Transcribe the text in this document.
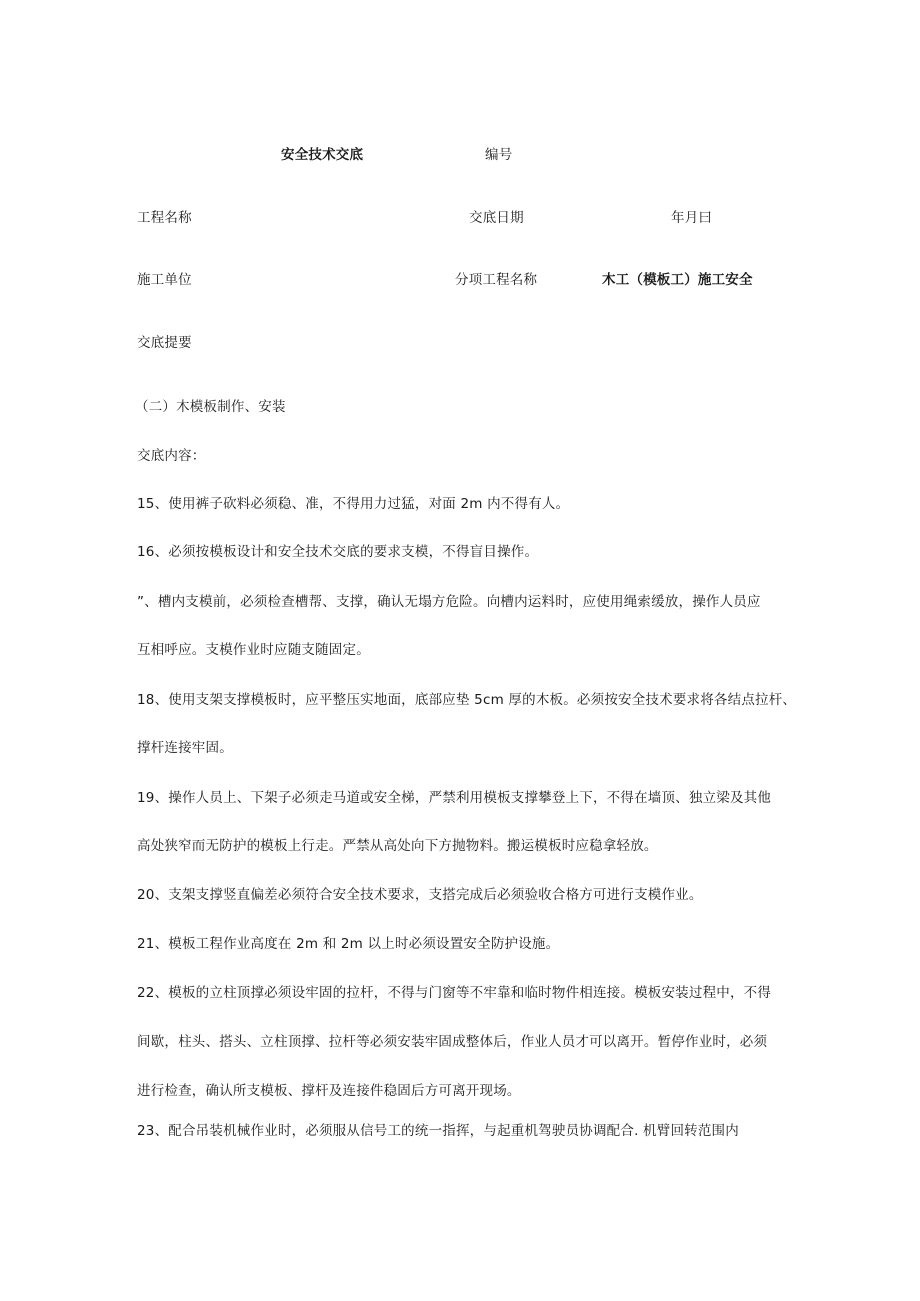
安全技术交底	编号
工程名称	交底日期	年月曰
施工单位	分项工程名称	木工（模板工）施工安全
交底提要
（二）木模板制作、安装
交底内容：
15、使用裤子砍料必须稳、准，不得用力过猛，对面 2m 内不得有人。
16、必须按模板设计和安全技术交底的要求支模，不得盲目操作。
”、槽内支模前，必须检查槽帮、支撑，确认无塌方危险。向槽内运料时，应使用绳索缓放，操作人员应
互相呼应。支模作业时应随支随固定。
18、使用支架支撑模板时，应平整压实地面，底部应垫 5cm 厚的木板。必须按安全技术要求将各结点拉杆、
撑杆连接牢固。
19、操作人员上、下架子必须走马道或安全梯，严禁利用模板支撑攀登上下，不得在墙顶、独立梁及其他
高处狭窄而无防护的模板上行走。严禁从高处向下方抛物料。搬运模板时应稳拿轻放。
20、支架支撑竖直偏差必须符合安全技术要求，支搭完成后必须验收合格方可进行支模作业。
21、模板工程作业高度在 2m 和 2m 以上时必须设置安全防护设施。
22、模板的立柱顶撑必须设牢固的拉杆，不得与门窗等不牢靠和临时物件相连接。模板安装过程中，不得
间歇，柱头、搭头、立柱顶撑、拉杆等必须安装牢固成整体后，作业人员才可以离开。暂停作业时，必须
进行检查，确认所支模板、撑杆及连接件稳固后方可离开现场。
23、配合吊装机械作业时，必须服从信号工的统一指挥，与起重机驾驶员协调配合. 机臂回转范围内
